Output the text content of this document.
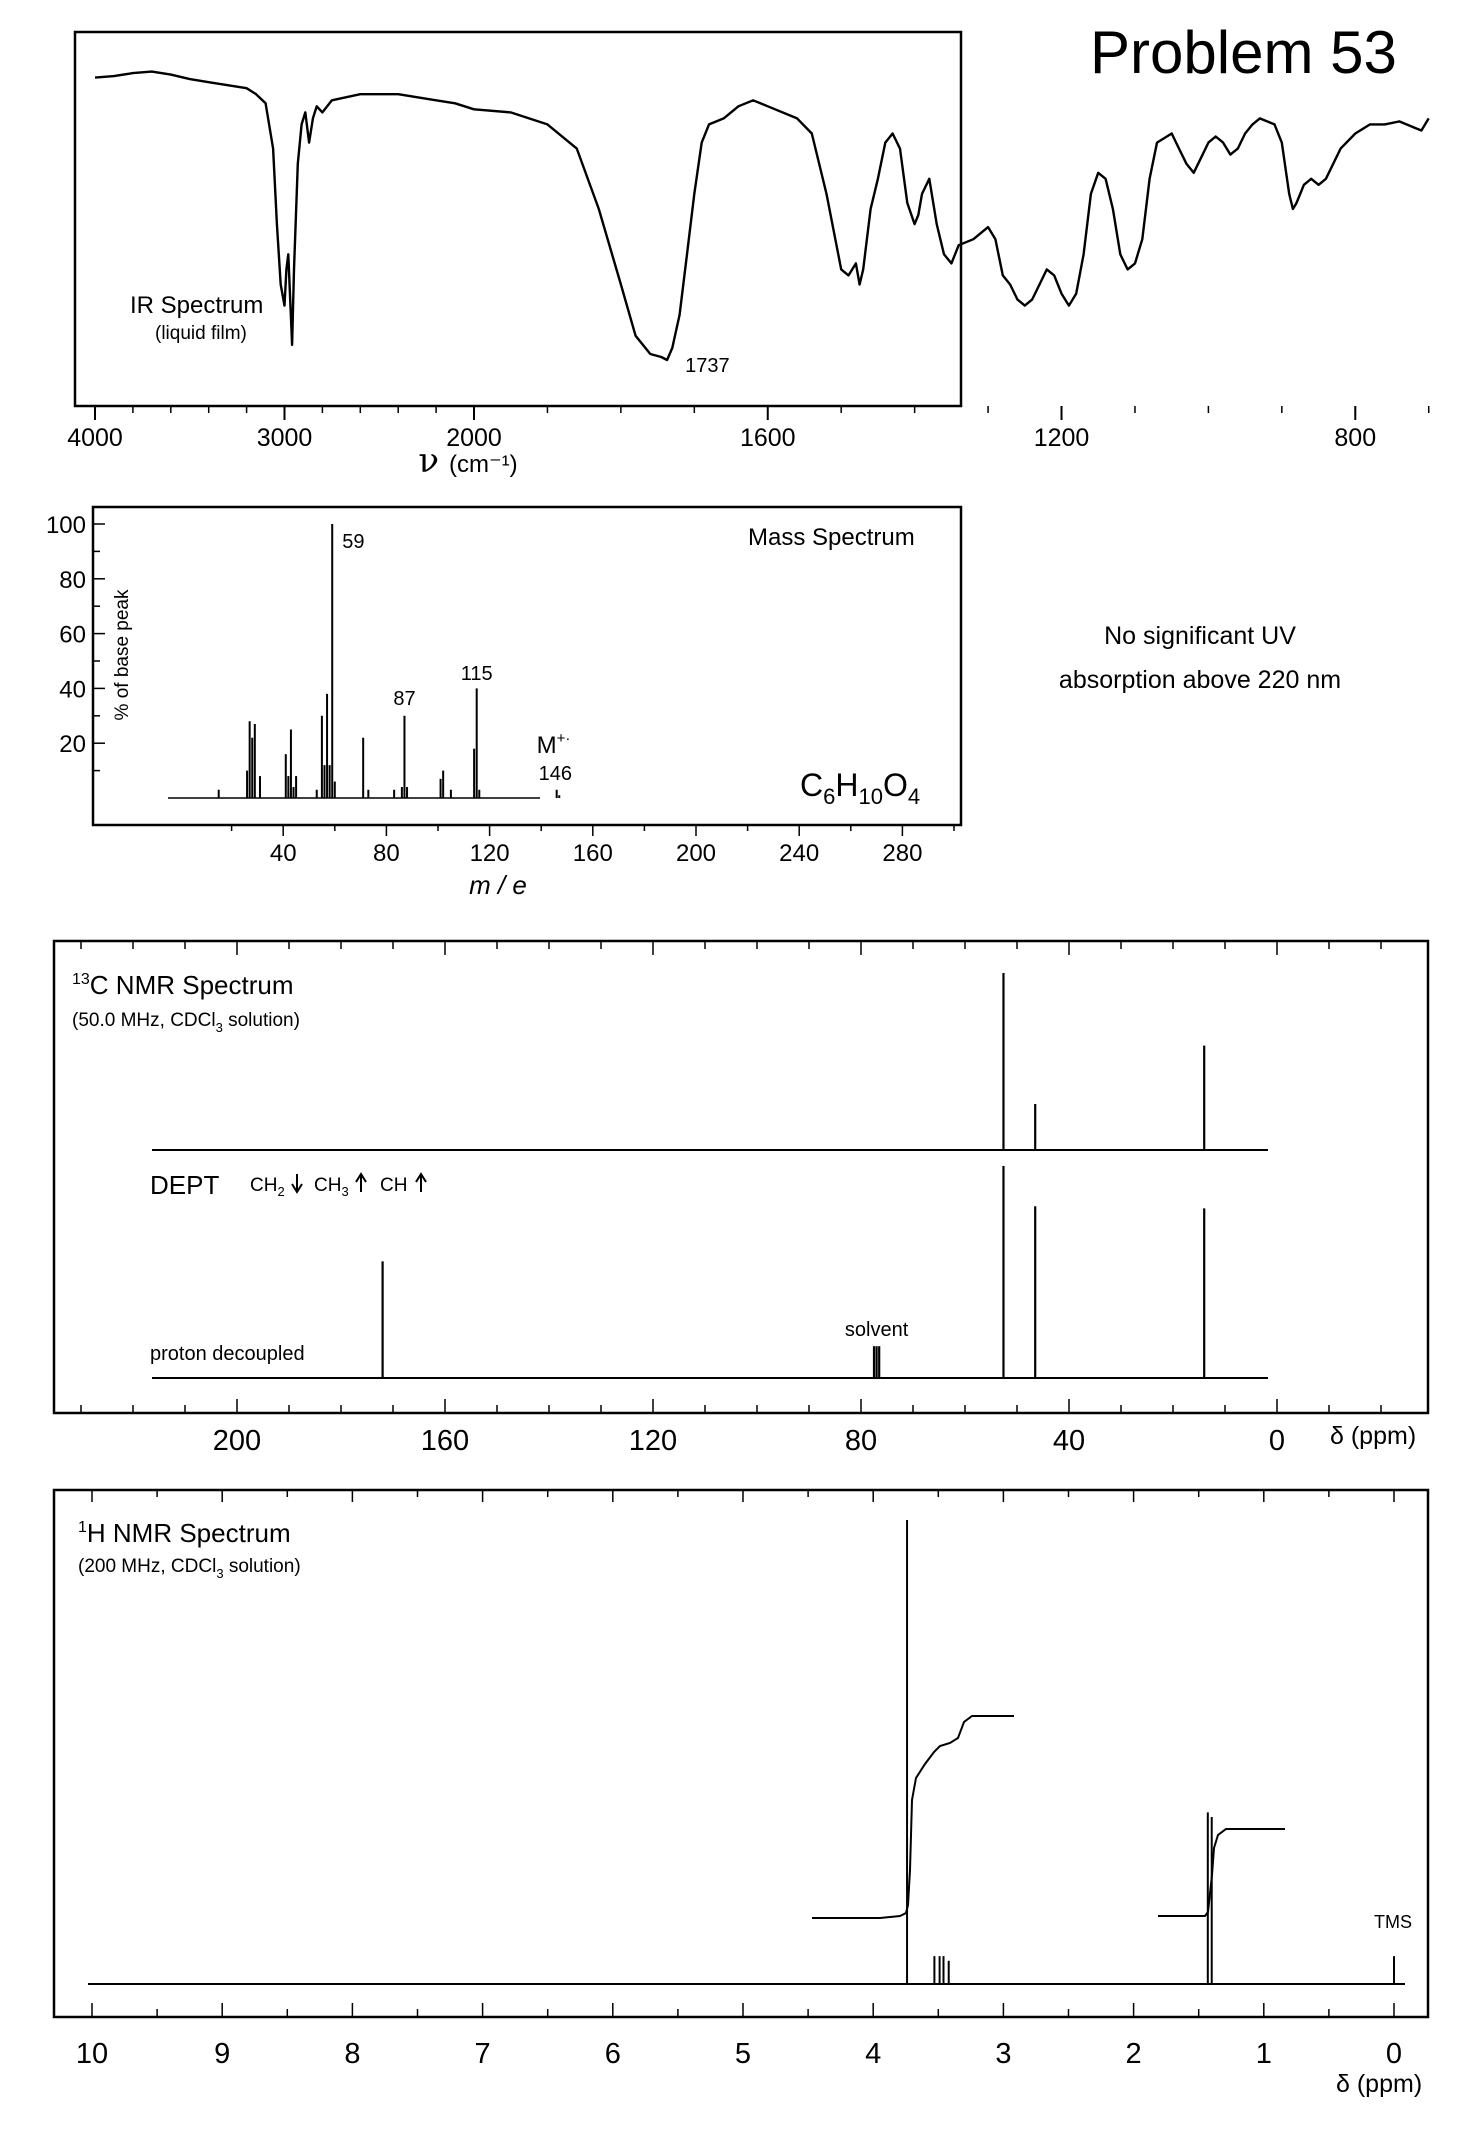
Problem 53
No significant UV
absorption above 220 nm
IR Spectrum
(liquid film)
1737
ν (cm⁻¹)
4000	3000	2000	1600	1200	800
Mass Spectrum
% of base peak
m / e
$C_6H_{10}O_4$
M+·
146
20
40
60
80
100
40	80	120	160	200	240	280
59
87
115
$^{13}$C NMR Spectrum
(50.0 MHz, CDCl$_3$ solution)
DEPT $CH_2$ $CH_3$ CH
proton decoupled
solvent
δ (ppm)
200	160	120	80	40	0
$^1$H NMR Spectrum
(200 MHz, CDCl$_3$ solution)
TMS
δ (ppm)
10	9	8	7	6	5	4	3	2	1	0
